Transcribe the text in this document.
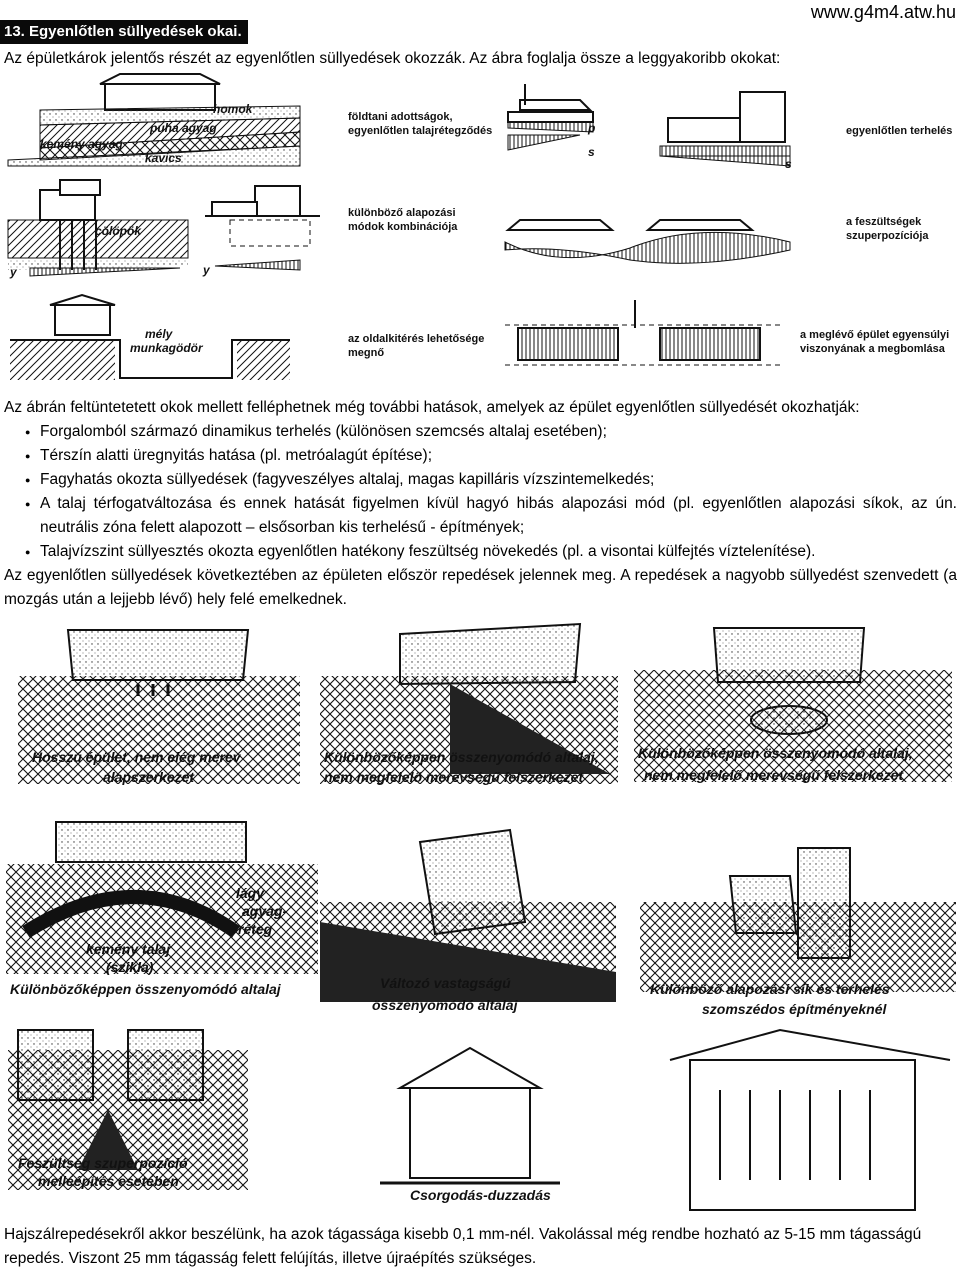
13. Egyenlőtlen süllyedések okai.
www.g4m4.atw.hu
Az épületkárok jelentős részét az egyenlőtlen süllyedések okozzák. Az ábra foglalja össze a leggyakoribb okokat:
homok
puha agyag
kemény agyag
kavics
földtani adottságok,
egyenlőtlen talajrétegződés	p
s
s
egyenlőtlen terhelés
cölöpök
y	y
különböző alapozási
módok kombinációja	a feszültségek
szuperpozíciója
mély
munkagödör
az oldalkitérés lehetősége
megnő
a meglévő épület egyensúlyi
viszonyának a megbomlása
Az ábrán feltüntetetett okok mellett felléphetnek még további hatások, amelyek az épület egyenlőtlen süllyedését okozhatják:
● Forgalomból származó dinamikus terhelés (különösen szemcsés altalaj esetében);
● Térszín alatti üregnyitás hatása (pl. metróalagút építése);
● Fagyhatás okozta süllyedések (fagyveszélyes altalaj, magas kapilláris vízszintemelkedés;
● A talaj térfogatváltozása és ennek hatását figyelmen kívül hagyó hibás alapozási mód (pl. egyenlőtlen alapozási síkok, az ún. neutrális zóna felett alapozott – elsősorban kis terhelésű - építmények;
● Talajvízszint süllyesztés okozta egyenlőtlen hatékony feszültség növekedés (pl. a visontai külfejtés víztelenítése).
Az egyenlőtlen süllyedések következtében az épületen először repedések jelennek meg. A repedések a nagyobb süllyedést szenvedett (a mozgás után a lejjebb lévő) hely felé emelkednek.
Hosszú épület, nem elég merev
alapszerkezet
Különbözőképpen összenyomódó altalaj,
nem megfelelő merevségű felszerkezet
Különbözőképpen összenyomódó altalaj,
nem megfelelő merevségű felszerkezet
lágy
agyag-
réteg
kemény talaj
(szikla)
Különbözőképpen összenyomódó altalaj	Változó vastagságú
összenyomódó altalaj
Különböző alapozási sík és terhelés
szomszédos építményeknél
Feszültség szuperpozíció
melléépítés esetében
Csorgodás-duzzadás
Hajszálrepedésekről akkor beszélünk, ha azok tágassága kisebb 0,1 mm-nél. Vakolással még rendbe hozható az 5-15 mm tágasságú repedés. Viszont 25 mm tágasság felett felújítás, illetve újraépítés szükséges.
